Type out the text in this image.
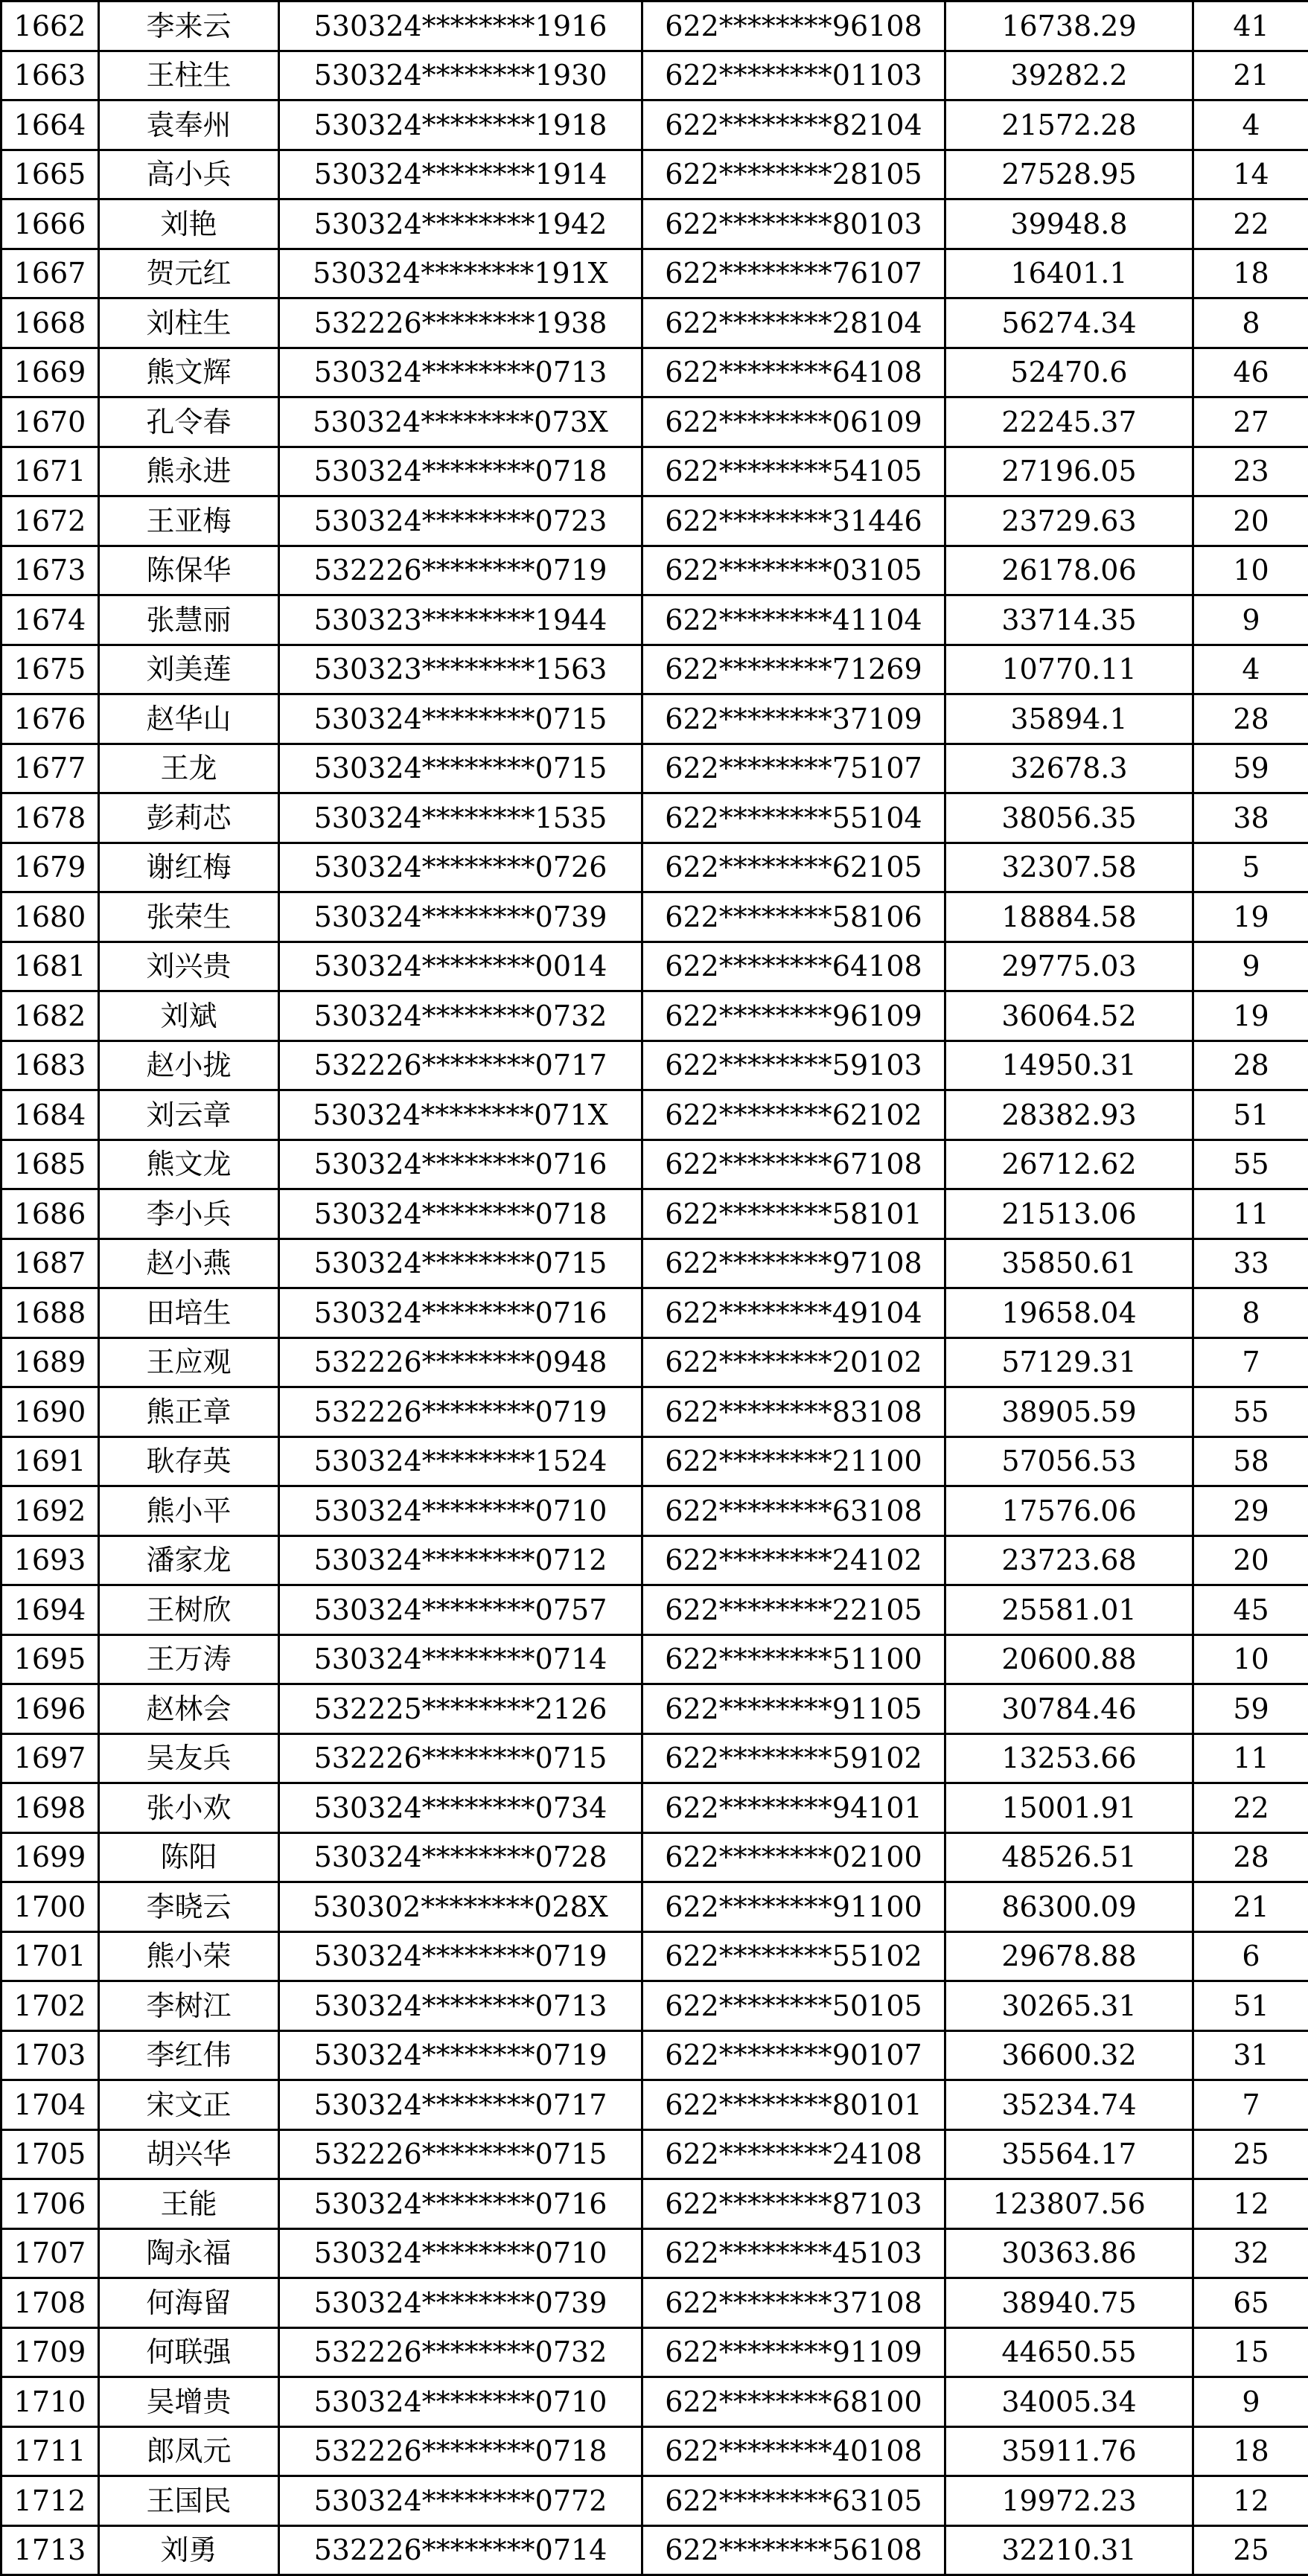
1662	李来云	530324********1916	622********96108	16738.29	41
1663	王柱生	530324********1930	622********01103	39282.2	21
1664	袁奉州	530324********1918	622********82104	21572.28	4
1665	高小兵	530324********1914	622********28105	27528.95	14
1666	刘艳	530324********1942	622********80103	39948.8	22
1667	贺元红	530324********191X	622********76107	16401.1	18
1668	刘柱生	532226********1938	622********28104	56274.34	8
1669	熊文辉	530324********0713	622********64108	52470.6	46
1670	孔令春	530324********073X	622********06109	22245.37	27
1671	熊永进	530324********0718	622********54105	27196.05	23
1672	王亚梅	530324********0723	622********31446	23729.63	20
1673	陈保华	532226********0719	622********03105	26178.06	10
1674	张慧丽	530323********1944	622********41104	33714.35	9
1675	刘美莲	530323********1563	622********71269	10770.11	4
1676	赵华山	530324********0715	622********37109	35894.1	28
1677	王龙	530324********0715	622********75107	32678.3	59
1678	彭莉芯	530324********1535	622********55104	38056.35	38
1679	谢红梅	530324********0726	622********62105	32307.58	5
1680	张荣生	530324********0739	622********58106	18884.58	19
1681	刘兴贵	530324********0014	622********64108	29775.03	9
1682	刘斌	530324********0732	622********96109	36064.52	19
1683	赵小拢	532226********0717	622********59103	14950.31	28
1684	刘云章	530324********071X	622********62102	28382.93	51
1685	熊文龙	530324********0716	622********67108	26712.62	55
1686	李小兵	530324********0718	622********58101	21513.06	11
1687	赵小燕	530324********0715	622********97108	35850.61	33
1688	田培生	530324********0716	622********49104	19658.04	8
1689	王应观	532226********0948	622********20102	57129.31	7
1690	熊正章	532226********0719	622********83108	38905.59	55
1691	耿存英	530324********1524	622********21100	57056.53	58
1692	熊小平	530324********0710	622********63108	17576.06	29
1693	潘家龙	530324********0712	622********24102	23723.68	20
1694	王树欣	530324********0757	622********22105	25581.01	45
1695	王万涛	530324********0714	622********51100	20600.88	10
1696	赵林会	532225********2126	622********91105	30784.46	59
1697	吴友兵	532226********0715	622********59102	13253.66	11
1698	张小欢	530324********0734	622********94101	15001.91	22
1699	陈阳	530324********0728	622********02100	48526.51	28
1700	李晓云	530302********028X	622********91100	86300.09	21
1701	熊小荣	530324********0719	622********55102	29678.88	6
1702	李树江	530324********0713	622********50105	30265.31	51
1703	李红伟	530324********0719	622********90107	36600.32	31
1704	宋文正	530324********0717	622********80101	35234.74	7
1705	胡兴华	532226********0715	622********24108	35564.17	25
1706	王能	530324********0716	622********87103	123807.56	12
1707	陶永福	530324********0710	622********45103	30363.86	32
1708	何海留	530324********0739	622********37108	38940.75	65
1709	何联强	532226********0732	622********91109	44650.55	15
1710	吴增贵	530324********0710	622********68100	34005.34	9
1711	郎凤元	532226********0718	622********40108	35911.76	18
1712	王国民	530324********0772	622********63105	19972.23	12
1713	刘勇	532226********0714	622********56108	32210.31	25
